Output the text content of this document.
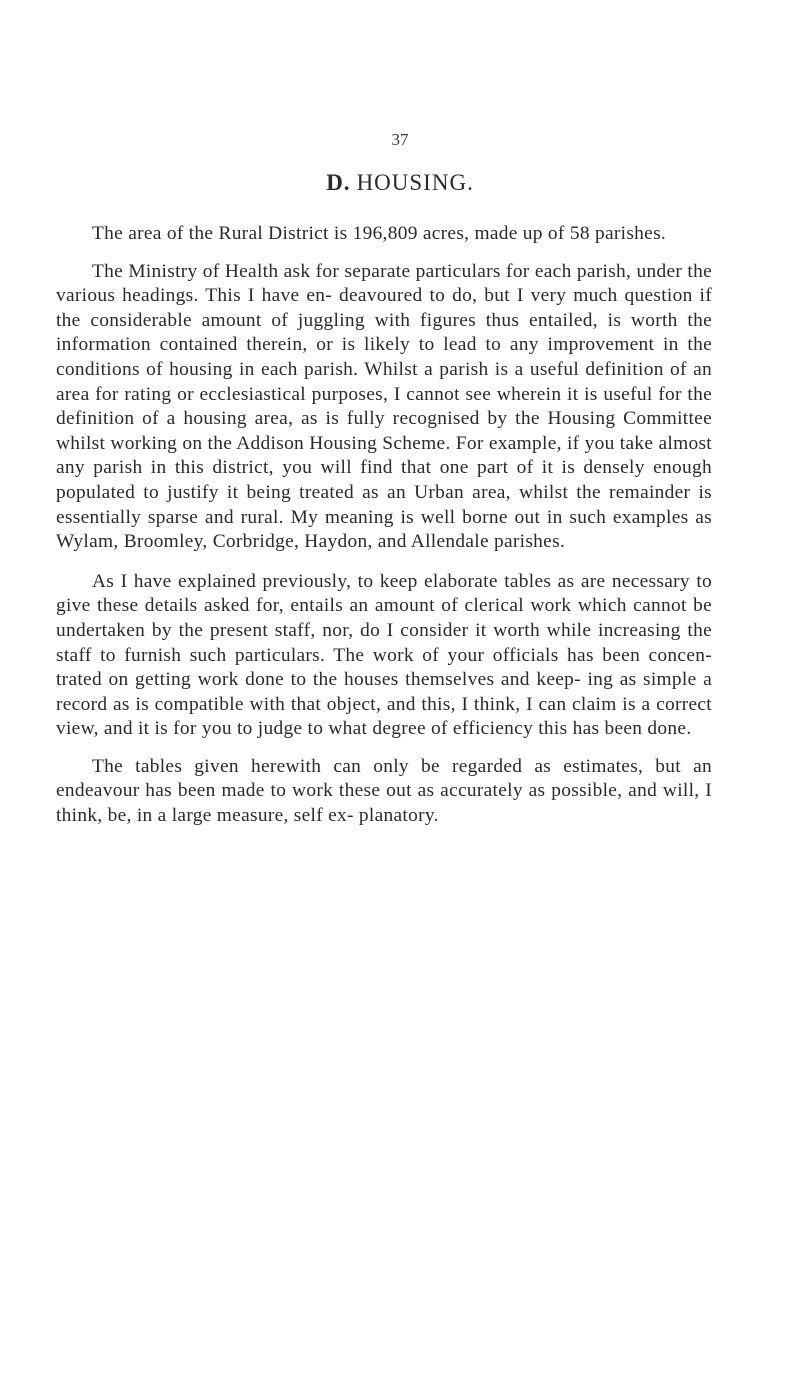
37
D. HOUSING.

The area of the Rural District is 196,809 acres, made up of 58 parishes.

The Ministry of Health ask for separate particulars for each parish, under the various headings. This I have en- deavoured to do, but I very much question if the considerable amount of juggling with figures thus entailed, is worth the information contained therein, or is likely to lead to any improvement in the conditions of housing in each parish. Whilst a parish is a useful definition of an area for rating or ecclesiastical purposes, I cannot see wherein it is useful for the definition of a housing area, as is fully recognised by the Housing Committee whilst working on the Addison Housing Scheme. For example, if you take almost any parish in this district, you will find that one part of it is densely enough populated to justify it being treated as an Urban area, whilst the remainder is essentially sparse and rural. My meaning is well borne out in such examples as Wylam, Broomley, Corbridge, Haydon, and Allendale parishes.

As I have explained previously, to keep elaborate tables as are necessary to give these details asked for, entails an amount of clerical work which cannot be undertaken by the present staff, nor, do I consider it worth while increasing the staff to furnish such particulars. The work of your officials has been concen- trated on getting work done to the houses themselves and keep- ing as simple a record as is compatible with that object, and this, I think, I can claim is a correct view, and it is for you to judge to what degree of efficiency this has been done.

The tables given herewith can only be regarded as estimates, but an endeavour has been made to work these out as accurately as possible, and will, I think, be, in a large measure, self ex- planatory.
